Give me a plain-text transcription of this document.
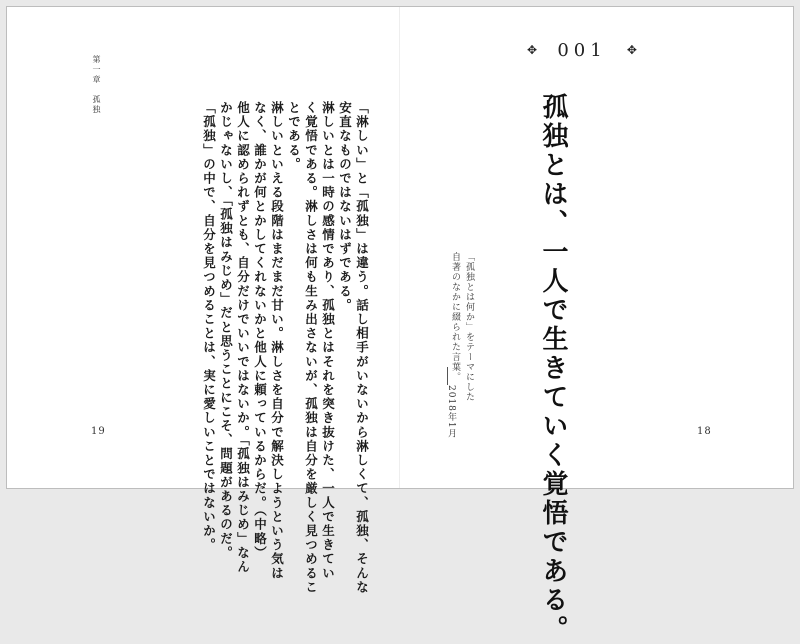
第一章　孤独
「淋しい」と「孤独」は違う。話し相手がいないから淋しくて、孤独、そんな
安直なものではないはずである。
淋しいとは一時の感情であり、孤独とはそれを突き抜けた、一人で生きてい
く覚悟である。淋しさは何も生み出さないが、孤独は自分を厳しく見つめるこ
とである。
淋しいといえる段階はまだまだ甘い。淋しさを自分で解決しようという気は
なく、誰かが何とかしてくれないかと他人に頼っているからだ。（中略）
他人に認められずとも、自分だけでいいではないか。「孤独はみじめ」なん
かじゃないし、「孤独はみじめ」だと思うことにこそ、問題があるのだ。
「孤独」の中で、自分を見つめることは、実に愛しいことではないか。
19
✥ 001 ✥
孤独とは、一人で生きていく覚悟である。
「孤独とは何か」をテーマにした
自著のなかに綴られた言葉。
2018年1月	18
